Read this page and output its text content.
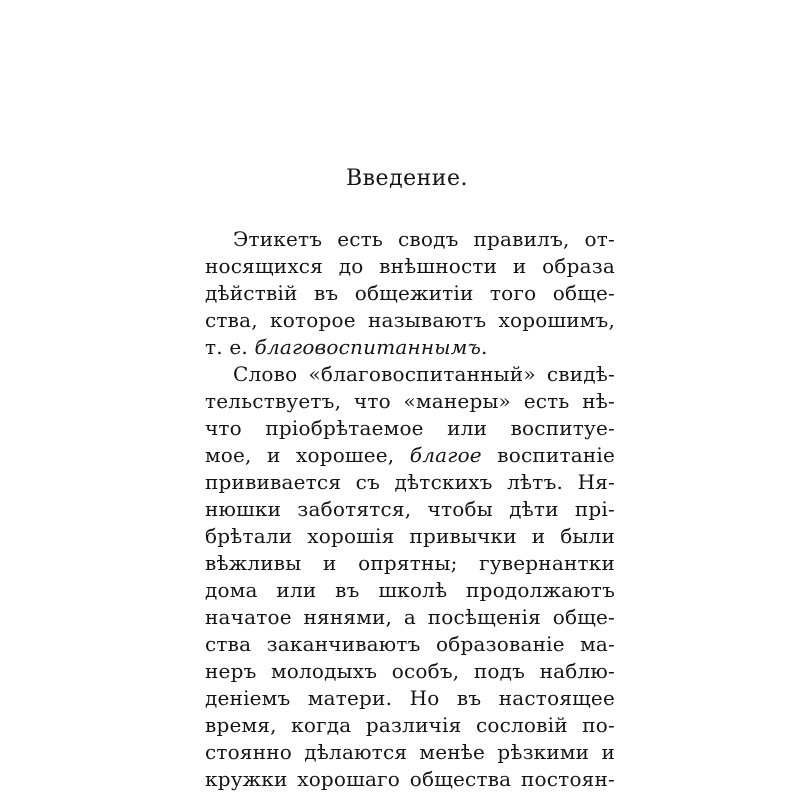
Введение.
Этикетъ есть сводъ правилъ, от-
носящихся до внѣшности и образа
дѣйствій въ общежитіи того обще-
ства, которое называютъ хорошимъ,
т. е. благовоспитаннымъ.
Слово «благовоспитанный» свидѣ-
тельствуетъ, что «манеры» есть нѣ-
что пріобрѣтаемое или воспитуе-
мое, и хорошее, благое воспитаніе
прививается съ дѣтскихъ лѣтъ. Ня-
нюшки заботятся, чтобы дѣти прі-
брѣтали хорошія привычки и были
вѣжливы и опрятны; гувернантки
дома или въ школѣ продолжаютъ
начатое нянями, а посѣщенія обще-
ства заканчиваютъ образованіе ма-
неръ молодыхъ особъ, подъ наблю-
деніемъ матери. Но въ настоящее
время, когда различія сословій по-
стоянно дѣлаются менѣе рѣзкими и
кружки хорошаго общества постоян-
